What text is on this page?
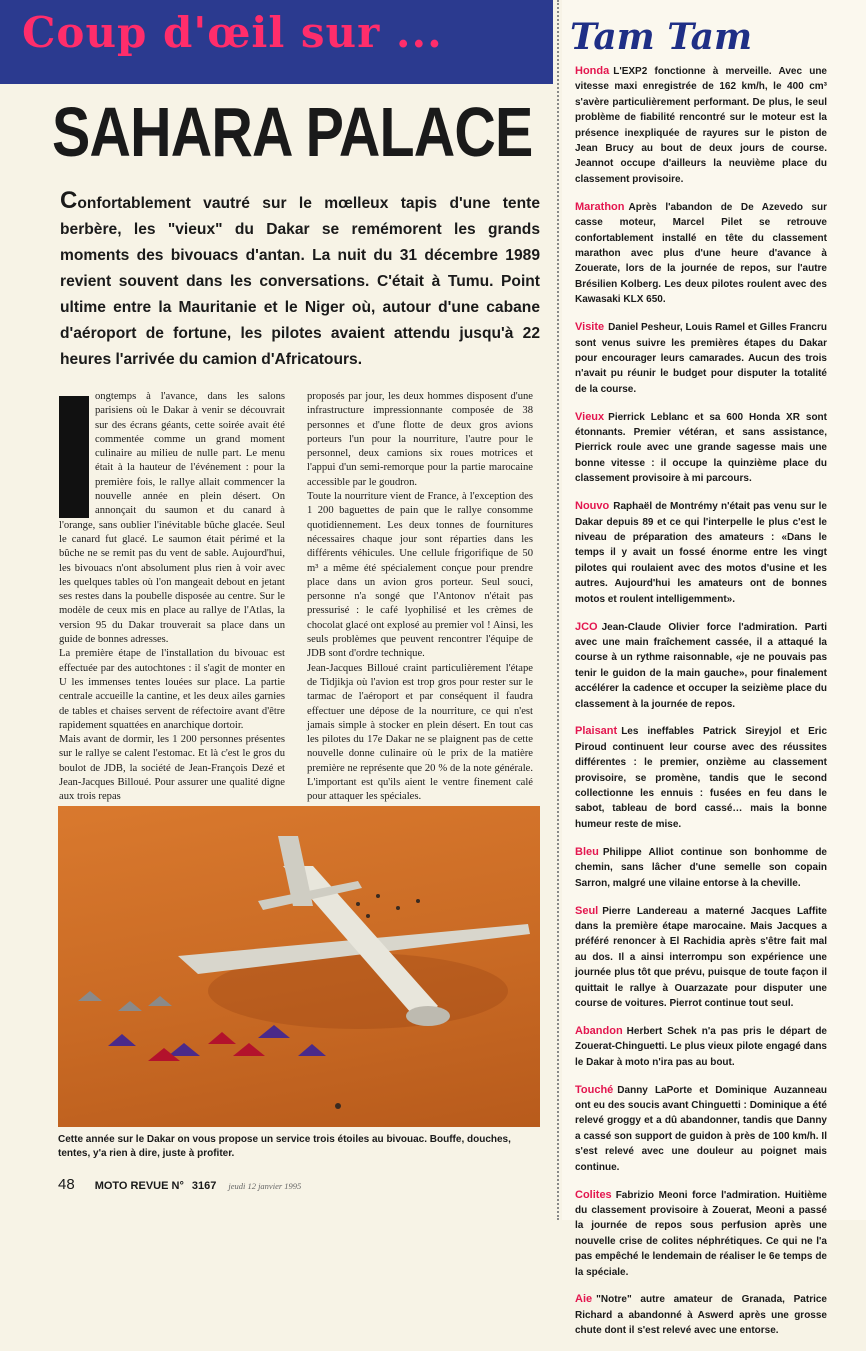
Coup d'œil sur ...
SAHARA PALACE
Confortablement vautré sur le mœlleux tapis d'une tente berbère, les "vieux" du Dakar se remémorent les grands moments des bivouacs d'antan. La nuit du 31 décembre 1989 revient souvent dans les conversations. C'était à Tumu. Point ultime entre la Mauritanie et le Niger où, autour d'une cabane d'aéroport de fortune, les pilotes avaient attendu jusqu'à 22 heures l'arrivée du camion d'Africatours.

ongtemps à l'avance, dans les salons parisiens où le Dakar à venir se découvrait sur des écrans géants, cette soirée avait été commentée comme un grand moment culinaire au milieu de nulle part. Le menu était à la hauteur de l'événement : pour la première fois, le rallye allait commencer la nouvelle année en plein désert. On annonçait du saumon et du canard à l'orange, sans oublier l'inévitable bûche glacée. Seul le canard fut glacé. Le saumon était périmé et la bûche ne se remit pas du vent de sable. Aujourd'hui, les bivouacs n'ont absolument plus rien à voir avec les quelques tables où l'on mangeait debout en jetant ses restes dans la poubelle disposée au centre. Sur le modèle de ceux mis en place au rallye de l'Atlas, la version 95 du Dakar trouverait sa place dans un guide de bonnes adresses.

La première étape de l'installation du bivouac est effectuée par des autochtones : il s'agit de monter en U les immenses tentes louées sur place. La partie centrale accueille la cantine, et les deux ailes garnies de tables et chaises servent de réfectoire avant d'être rapidement squattées en anarchique dortoir.

Mais avant de dormir, les 1 200 personnes présentes sur le rallye se calent l'estomac. Et là c'est le gros du boulot de JDB, la société de Jean-François Dezé et Jean-Jacques Billoué. Pour assurer une qualité digne aux trois repas

proposés par jour, les deux hommes disposent d'une infrastructure impressionnante composée de 38 personnes et d'une flotte de deux gros avions porteurs l'un pour la nourriture, l'autre pour le personnel, deux camions six roues motrices et l'appui d'un semi-remorque pour la partie marocaine accessible par le goudron.

Toute la nourriture vient de France, à l'exception des 1 200 baguettes de pain que le rallye consomme quotidiennement. Les deux tonnes de fournitures nécessaires chaque jour sont réparties dans les différents véhicules. Une cellule frigorifique de 50 m³ a même été spécialement conçue pour prendre place dans un avion gros porteur. Seul souci, personne n'a songé que l'Antonov n'était pas pressurisé : le café lyophilisé et les crèmes de chocolat glacé ont explosé au premier vol ! Ainsi, les seuls problèmes que peuvent rencontrer l'équipe de JDB sont d'ordre technique.

Jean-Jacques Billoué craint particulièrement l'étape de Tidjikja où l'avion est trop gros pour rester sur le tarmac de l'aéroport et par conséquent il faudra effectuer une dépose de la nourriture, ce qui n'est jamais simple à stocker en plein désert. En tout cas les pilotes du 17e Dakar ne se plaignent pas de cette nouvelle donne culinaire où le prix de la matière première ne représente que 20 % de la note générale. L'important est qu'ils aient le ventre finement calé pour attaquer les spéciales.

Cette année sur le Dakar on vous propose un service trois étoiles au bivouac. Bouffe, douches, tentes, y'a rien à dire, juste à profiter.
48 MOTO REVUE N° 3167 jeudi 12 janvier 1995
Tam Tam

Honda L'EXP2 fonctionne à merveille. Avec une vitesse maxi enregistrée de 162 km/h, le 400 cm³ s'avère particulièrement performant. De plus, le seul problème de fiabilité rencontré sur le moteur est la présence inexpliquée de rayures sur le piston de Jean Brucy au bout de deux jours de course. Jeannot occupe d'ailleurs la neuvième place du classement provisoire.

Marathon Après l'abandon de De Azevedo sur casse moteur, Marcel Pilet se retrouve confortablement installé en tête du classement marathon avec plus d'une heure d'avance à Zouerate, lors de la journée de repos, sur l'autre Brésilien Kolberg. Les deux pilotes roulent avec des Kawasaki KLX 650.

Visite Daniel Pesheur, Louis Ramel et Gilles Francru sont venus suivre les premières étapes du Dakar pour encourager leurs camarades. Aucun des trois n'avait pu réunir le budget pour disputer la totalité de la course.

Vieux Pierrick Leblanc et sa 600 Honda XR sont étonnants. Premier vétéran, et sans assistance, Pierrick roule avec une grande sagesse mais une bonne vitesse : il occupe la quinzième place du classement provisoire à mi parcours.

Nouvo Raphaël de Montrémy n'était pas venu sur le Dakar depuis 89 et ce qui l'interpelle le plus c'est le niveau de préparation des amateurs : «Dans le temps il y avait un fossé énorme entre les vingt pilotes qui roulaient avec des motos d'usine et les autres. Aujourd'hui les amateurs ont de bonnes motos et roulent intelligemment».

JCO Jean-Claude Olivier force l'admiration. Parti avec une main fraîchement cassée, il a attaqué la course à un rythme raisonnable, «je ne pouvais pas tenir le guidon de la main gauche», pour finalement accélérer la cadence et occuper la seizième place du classement à la journée de repos.

Plaisant Les ineffables Patrick Sireyjol et Eric Piroud continuent leur course avec des réussites différentes : le premier, onzième au classement provisoire, se promène, tandis que le second collectionne les ennuis : fusées en feu dans le sabot, tableau de bord cassé… mais la bonne humeur reste de mise.

Bleu Philippe Alliot continue son bonhomme de chemin, sans lâcher d'une semelle son copain Sarron, malgré une vilaine entorse à la cheville.

Seul Pierre Landereau a materné Jacques Laffite dans la première étape marocaine. Mais Jacques a préféré renoncer à El Rachidia après s'être fait mal au dos. Il a ainsi interrompu son expérience une journée plus tôt que prévu, puisque de toute façon il quittait le rallye à Ouarzazate pour disputer une course de voitures. Pierrot continue tout seul.

Abandon Herbert Schek n'a pas pris le départ de Zouerat-Chinguetti. Le plus vieux pilote engagé dans le Dakar à moto n'ira pas au bout.

Touché Danny LaPorte et Dominique Auzanneau ont eu des soucis avant Chinguetti : Dominique a été relevé groggy et a dû abandonner, tandis que Danny a cassé son support de guidon à près de 100 km/h. Il s'est relevé avec une douleur au poignet mais continue.

Colites Fabrizio Meoni force l'admiration. Huitième du classement provisoire à Zouerat, Meoni a passé la journée de repos sous perfusion après une nouvelle crise de colites néphrétiques. Ce qui ne l'a pas empêché le lendemain de réaliser le 6e temps de la spéciale.

Aie "Notre" autre amateur de Granada, Patrice Richard a abandonné à Aswerd après une grosse chute dont il s'est relevé avec une entorse.
